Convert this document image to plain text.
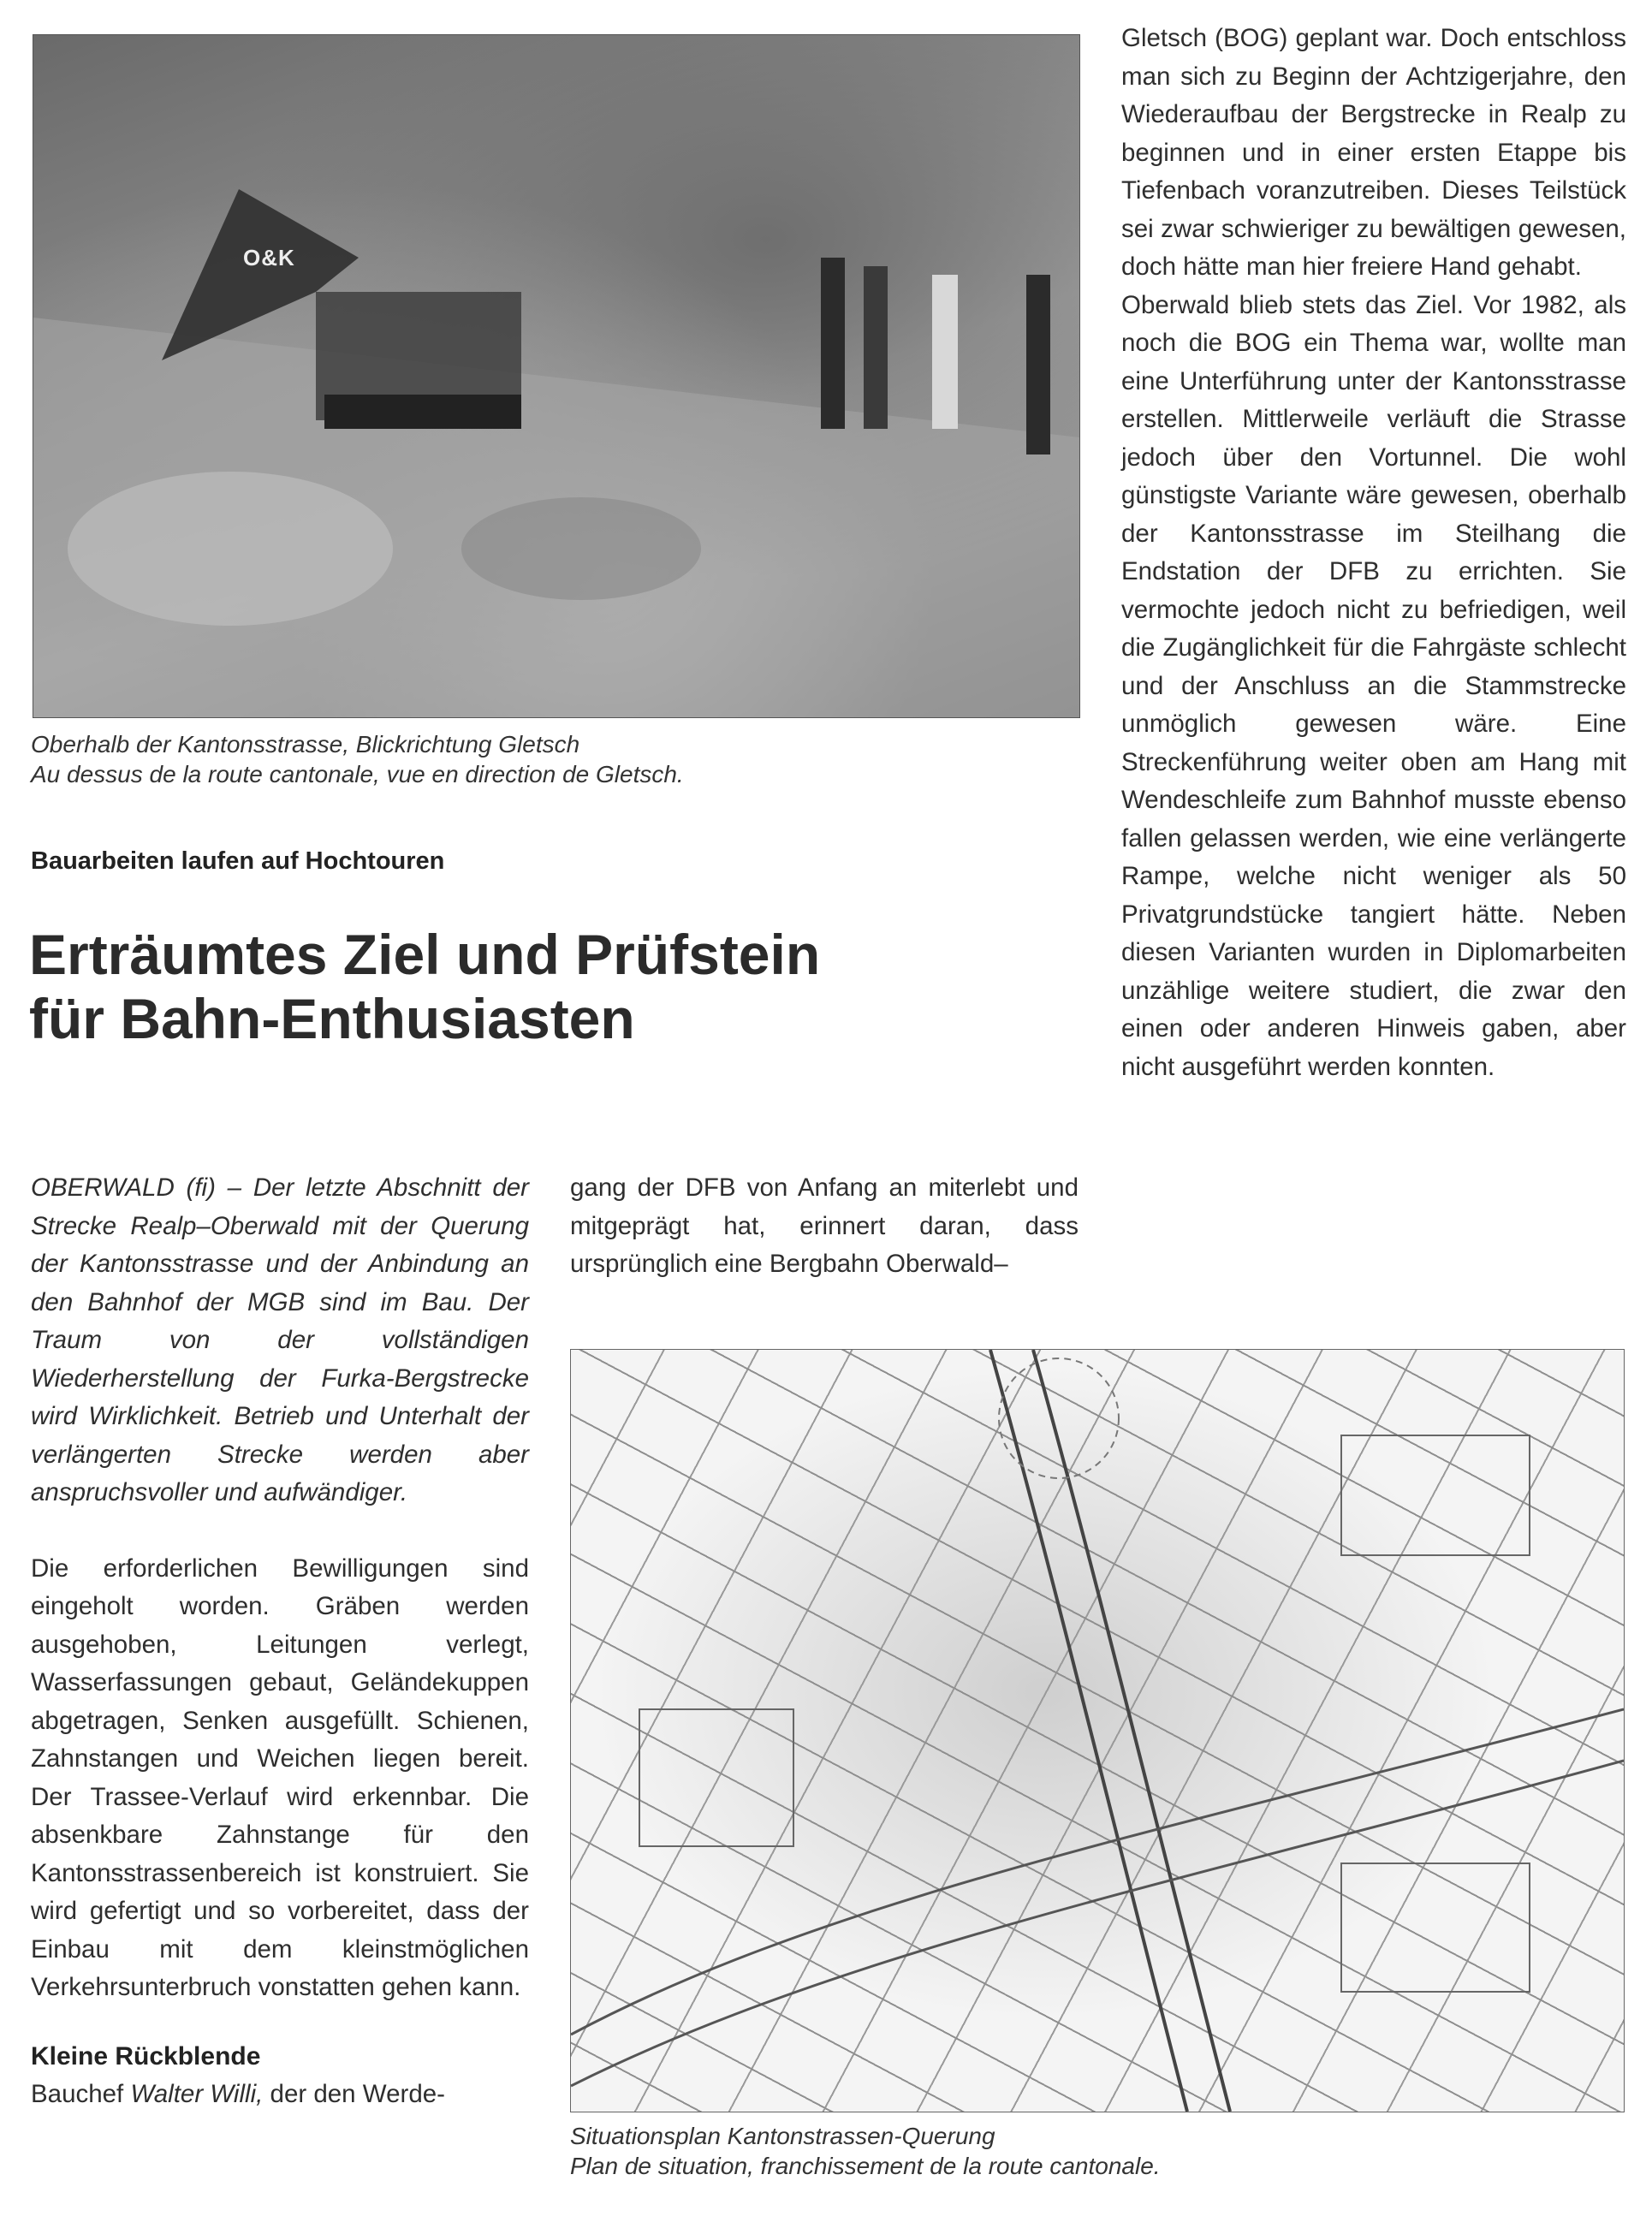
O&K
Oberhalb der Kantonsstrasse, Blickrichtung Gletsch
Au dessus de la route cantonale, vue en direction de Gletsch.
Bauarbeiten laufen auf Hochtouren
Erträumtes Ziel und Prüfstein
für Bahn-Enthusiasten

Gletsch (BOG) geplant war. Doch entschloss man sich zu Beginn der Achtzigerjahre, den Wiederaufbau der Bergstrecke in Realp zu beginnen und in einer ersten Etappe bis Tiefenbach voranzutreiben. Dieses Teilstück sei zwar schwieriger zu bewältigen gewesen, doch hätte man hier freiere Hand gehabt.

Oberwald blieb stets das Ziel. Vor 1982, als noch die BOG ein Thema war, wollte man eine Unterführung unter der Kantonsstrasse erstellen. Mittlerweile verläuft die Strasse jedoch über den Vortunnel. Die wohl günstigste Variante wäre gewesen, oberhalb der Kantonsstrasse im Steilhang die Endstation der DFB zu errichten. Sie vermochte jedoch nicht zu befriedigen, weil die Zugänglichkeit für die Fahrgäste schlecht und der Anschluss an die Stammstrecke unmöglich gewesen wäre. Eine Streckenführung weiter oben am Hang mit Wendeschleife zum Bahnhof musste ebenso fallen gelassen werden, wie eine verlängerte Rampe, welche nicht weniger als 50 Privatgrundstücke tangiert hätte. Neben diesen Varianten wurden in Diplomarbeiten unzählige weitere studiert, die zwar den einen oder anderen Hinweis gaben, aber nicht ausgeführt werden konnten.

OBERWALD (fi) – Der letzte Abschnitt der Strecke Realp–Oberwald mit der Querung der Kantonsstrasse und der Anbindung an den Bahnhof der MGB sind im Bau. Der Traum von der vollständigen Wiederherstellung der Furka-Bergstrecke wird Wirklichkeit. Betrieb und Unterhalt der verlängerten Strecke werden aber anspruchsvoller und aufwändiger.

Die erforderlichen Bewilligungen sind eingeholt worden. Gräben werden ausgehoben, Leitungen verlegt, Wasserfassungen gebaut, Geländekuppen abgetragen, Senken ausgefüllt. Schienen, Zahnstangen und Weichen liegen bereit. Der Trassee-Verlauf wird erkennbar. Die absenkbare Zahnstange für den Kantonsstrassenbereich ist konstruiert. Sie wird gefertigt und so vorbereitet, dass der Einbau mit dem kleinstmöglichen Verkehrsunterbruch vonstatten gehen kann.

Kleine Rückblende

Bauchef Walter Willi, der den Werde-

gang der DFB von Anfang an miterlebt und mitgeprägt hat, erinnert daran, dass ursprünglich eine Bergbahn Oberwald–
Situationsplan Kantonstrassen-Querung
Plan de situation, franchissement de la route cantonale.
